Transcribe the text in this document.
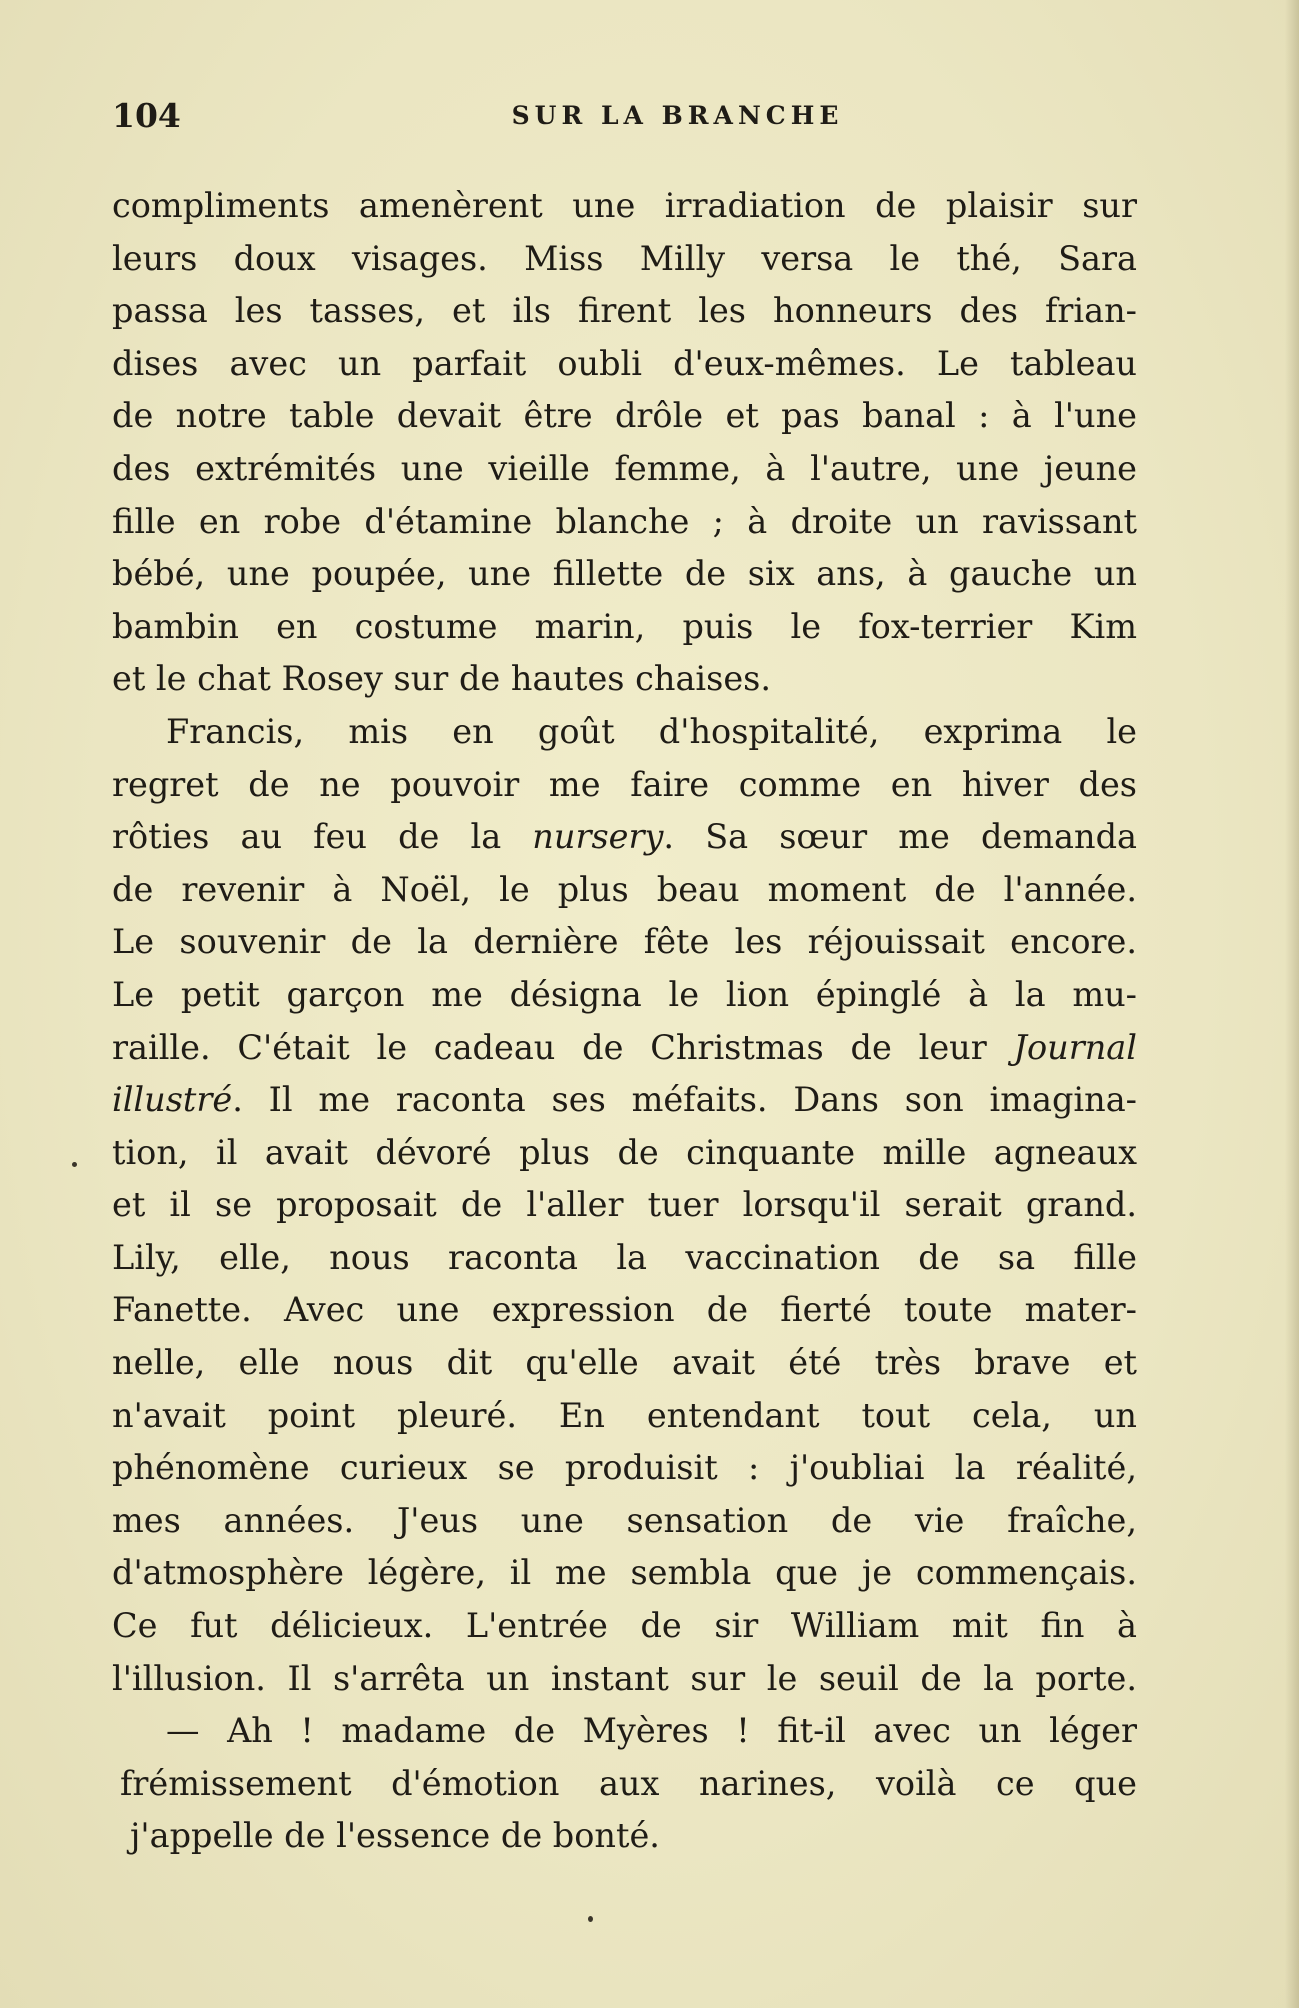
104	SUR LA BRANCHE
compliments amenèrent une irradiation de plaisir sur
leurs doux visages. Miss Milly versa le thé, Sara
passa les tasses, et ils firent les honneurs des frian-
dises avec un parfait oubli d'eux-mêmes. Le tableau
de notre table devait être drôle et pas banal : à l'une
des extrémités une vieille femme, à l'autre, une jeune
fille en robe d'étamine blanche ; à droite un ravissant
bébé, une poupée, une fillette de six ans, à gauche un
bambin en costume marin, puis le fox-terrier Kim
et le chat Rosey sur de hautes chaises.
Francis, mis en goût d'hospitalité, exprima le
regret de ne pouvoir me faire comme en hiver des
rôties au feu de la nursery. Sa sœur me demanda
de revenir à Noël, le plus beau moment de l'année.
Le souvenir de la dernière fête les réjouissait encore.
Le petit garçon me désigna le lion épinglé à la mu-
raille. C'était le cadeau de Christmas de leur Journal
illustré. Il me raconta ses méfaits. Dans son imagina-
tion, il avait dévoré plus de cinquante mille agneaux
et il se proposait de l'aller tuer lorsqu'il serait grand.
Lily, elle, nous raconta la vaccination de sa fille
Fanette. Avec une expression de fierté toute mater-
nelle, elle nous dit qu'elle avait été très brave et
n'avait point pleuré. En entendant tout cela, un
phénomène curieux se produisit : j'oubliai la réalité,
mes années. J'eus une sensation de vie fraîche,
d'atmosphère légère, il me sembla que je commençais.
Ce fut délicieux. L'entrée de sir William mit fin à
l'illusion. Il s'arrêta un instant sur le seuil de la porte.
— Ah ! madame de Myères ! fit-il avec un léger
frémissement d'émotion aux narines, voilà ce que
j'appelle de l'essence de bonté.
